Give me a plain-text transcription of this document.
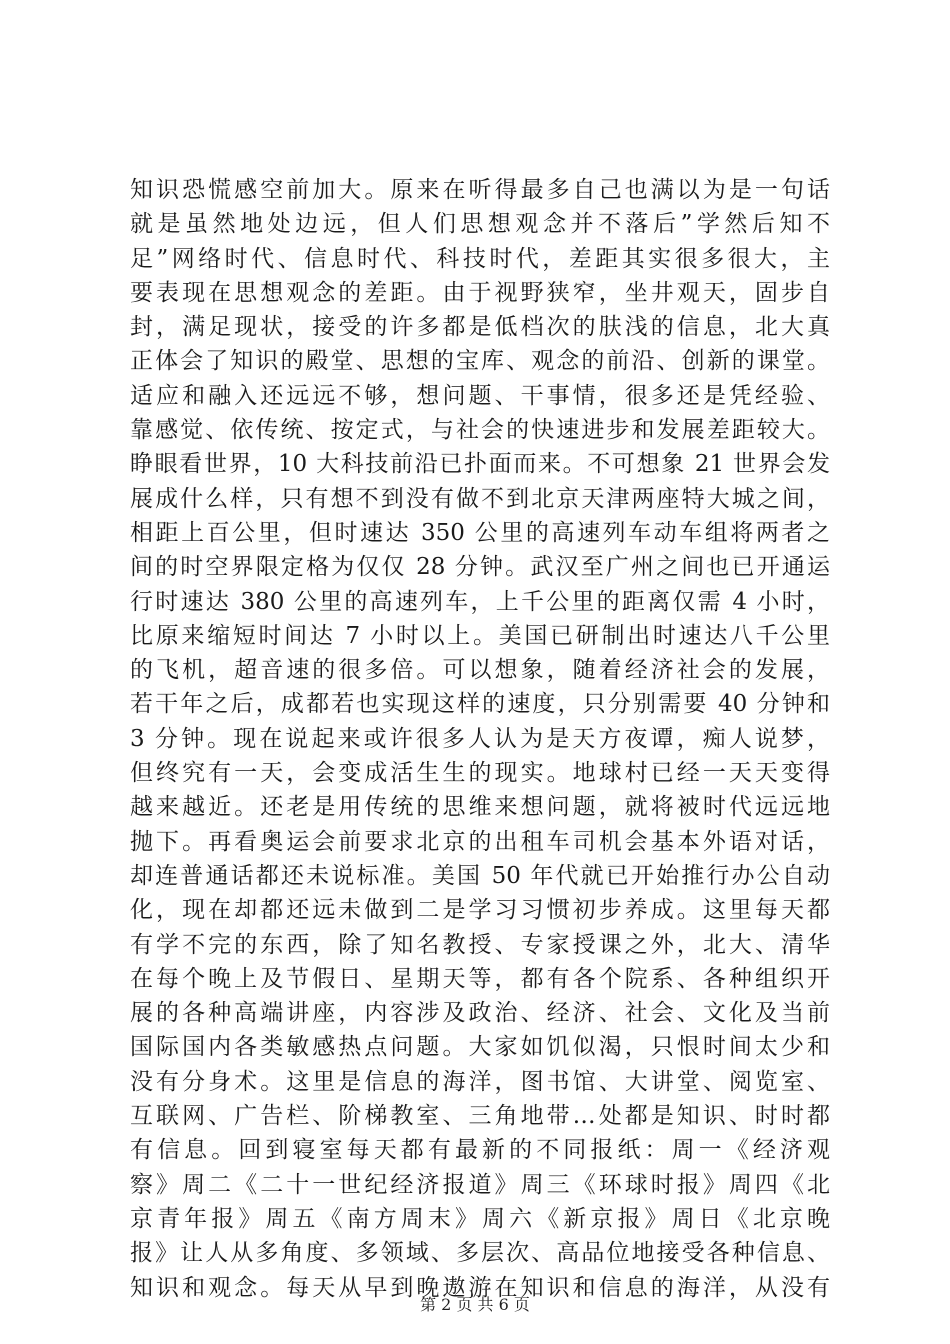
知识恐慌感空前加大。原来在听得最多自己也满以为是一句话
就是虽然地处边远，但人们思想观念并不落后”学然后知不
足”网络时代、信息时代、科技时代，差距其实很多很大，主
要表现在思想观念的差距。由于视野狭窄，坐井观天，固步自
封，满足现状，接受的许多都是低档次的肤浅的信息，北大真
正体会了知识的殿堂、思想的宝库、观念的前沿、创新的课堂。
适应和融入还远远不够，想问题、干事情，很多还是凭经验、
靠感觉、依传统、按定式，与社会的快速进步和发展差距较大。
睁眼看世界，10 大科技前沿已扑面而来。不可想象 21 世界会发
展成什么样，只有想不到没有做不到北京天津两座特大城之间，
相距上百公里，但时速达 350 公里的高速列车动车组将两者之
间的时空界限定格为仅仅 28 分钟。武汉至广州之间也已开通运
行时速达 380 公里的高速列车，上千公里的距离仅需 4 小时，
比原来缩短时间达 7 小时以上。美国已研制出时速达八千公里
的飞机，超音速的很多倍。可以想象，随着经济社会的发展，
若干年之后，成都若也实现这样的速度，只分别需要 40 分钟和
3 分钟。现在说起来或许很多人认为是天方夜谭，痴人说梦，
但终究有一天，会变成活生生的现实。地球村已经一天天变得
越来越近。还老是用传统的思维来想问题，就将被时代远远地
抛下。再看奥运会前要求北京的出租车司机会基本外语对话，
却连普通话都还未说标准。美国 50 年代就已开始推行办公自动
化，现在却都还远未做到二是学习习惯初步养成。这里每天都
有学不完的东西，除了知名教授、专家授课之外，北大、清华
在每个晚上及节假日、星期天等，都有各个院系、各种组织开
展的各种高端讲座，内容涉及政治、经济、社会、文化及当前
国际国内各类敏感热点问题。大家如饥似渴，只恨时间太少和
没有分身术。这里是信息的海洋，图书馆、大讲堂、阅览室、
互联网、广告栏、阶梯教室、三角地带…处都是知识、时时都
有信息。回到寝室每天都有最新的不同报纸：周一《经济观
察》周二《二十一世纪经济报道》周三《环球时报》周四《北
京青年报》周五《南方周末》周六《新京报》周日《北京晚
报》让人从多角度、多领域、多层次、高品位地接受各种信息、
知识和观念。每天从早到晚遨游在知识和信息的海洋，从没有
第 2 页 共 6 页
